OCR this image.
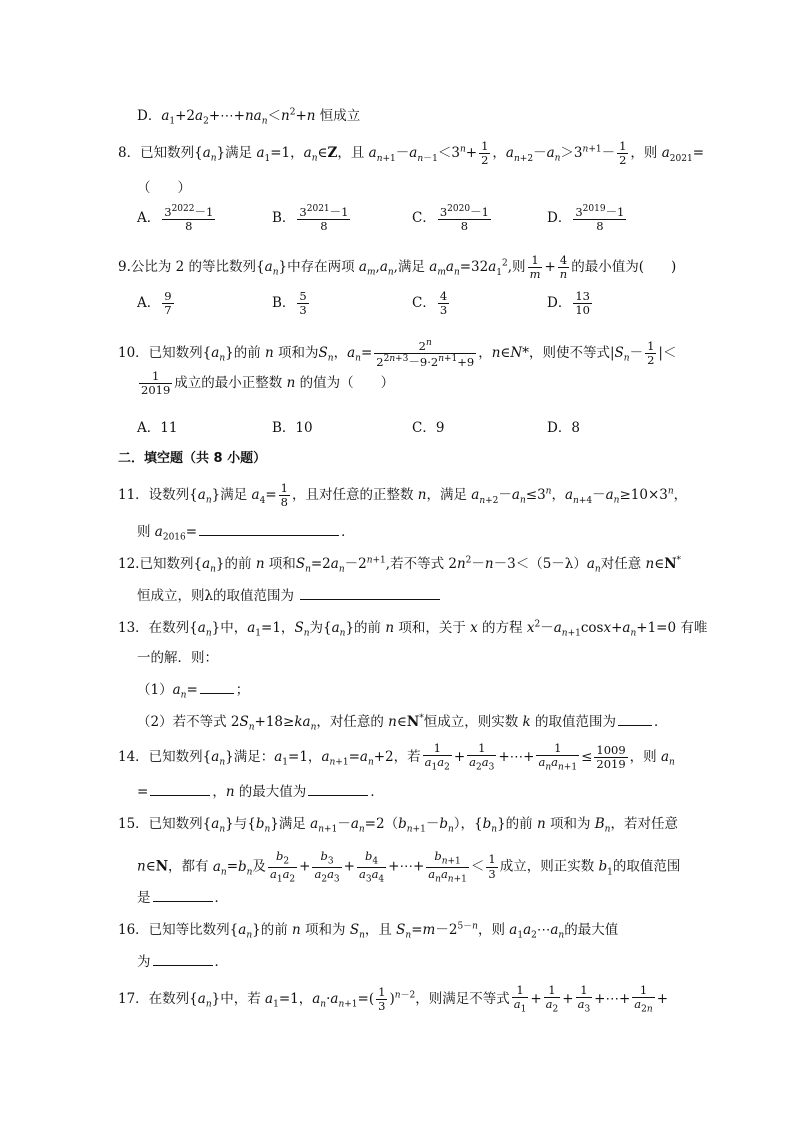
D．$a_1+2a_2+\cdots+na_n<n^2+n$ 恒成立
8．已知数列$\{a_n\}$满足 $a_1=1$，$a_n\in Z$，且 $a_{n+1}-a_{n-1}<3^n+ \frac{1}{2}$ ，$a_{n+2}-a_n>3^{n+1}- \frac{1}{2}$ ，则 $a_{2021}=$
（　　）
A． $\frac{3^{2022}-1}{8}$	B． $\frac{3^{2021}-1}{8}$	C． $\frac{3^{2020}-1}{8}$	D． $\frac{3^{2019}-1}{8}$
9.公比为 2 的等比数列$\{a_n\}$中存在两项 $a_m,a_n$,满足 $a_ma_n=32a_1^2$,则 $\frac{1}{m} + \frac{4}{n}$ 的最小值为(　　)
A． $\frac{9}{7}$	B． $\frac{5}{3}$	C． $\frac{4}{3}$	D． $\frac{13}{10}$
10．已知数列$\{a_n\}$的前 n 项和为$S_n$，$a_n= \frac{2^n}{2^{2n+3}-9\cdot 2^{n+1}+9}$ ，n∈N*，则使不等式$|S_n- \frac{1}{2}$ |＜
$\frac{1}{2019}$ 成立的最小正整数 n 的值为（　　）
A．11	B．10	C．9	D．8
二．填空题（共 8 小题）
11．设数列$\{a_n\}$满足 $a_4= \frac{1}{8}$ ，且对任意的正整数 n，满足 $a_{n+2}-a_n\le 3^n$，$a_{n+4}-a_n\ge 10\times 3^n$，
则 $a_{2016}=$	．
12.已知数列$\{a_n\}$的前 n 项和$S_n=2a_n-2^{n+1}$,若不等式 $2n^2-n-3<(5-\lambda)a_n$对任意 n∈N*
恒成立，则λ的取值范围为
13．在数列$\{a_n\}$中，$a_1=1$，$S_n$为$\{a_n\}$的前 n 项和，关于 x 的方程 $x^2-a_{n+1}\cos x+a_n+1=0$ 有唯
一的解．则：
$(1)a_n=$	；
（2）若不等式 $2S_n+18\ge ka_n$，对任意的 n∈N*恒成立，则实数 k 的取值范围为	．
14．已知数列$\{a_n\}$满足：$a_1=1$，$a_{n+1}=a_n+2$，若 $\frac{1}{a_1a_2} + \frac{1}{a_2a_3}$ +⋯+ $\frac{1}{a_na_{n+1}} \le \frac{1009}{2019}$ ，则 $a_n$
=	，n 的最大值为	．
15．已知数列$\{a_n\}$与$\{b_n\}$满足 $a_{n+1}-a_n=2(b_{n+1}-b_n)$，$\{b_n\}$的前 n 项和为 $B_n$，若对任意
n∈N，都有 $a_n=b_n$及 $\frac{b_2}{a_1a_2} + \frac{b_3}{a_2a_3} + \frac{b_4}{a_3a_4}$ +⋯+ $\frac{b_{n+1}}{a_na_{n+1}} < \frac{1}{3}$ 成立，则正实数 $b_1$的取值范围
是	．
16．已知等比数列$\{a_n\}$的前 n 项和为 $S_n$，且 $S_n=m-2^{5-n}$，则 $a_1a_2\cdots a_n$的最大值
为	．
17．在数列$\{a_n\}$中，若 $a_1=1$，$a_n\cdot a_{n+1}=( \frac{1}{3} )^{n-2}$，则满足不等式 $\frac{1}{a_1} + \frac{1}{a_2} + \frac{1}{a_3}$ +⋯+ $\frac{1}{a_{2n}}$ +
